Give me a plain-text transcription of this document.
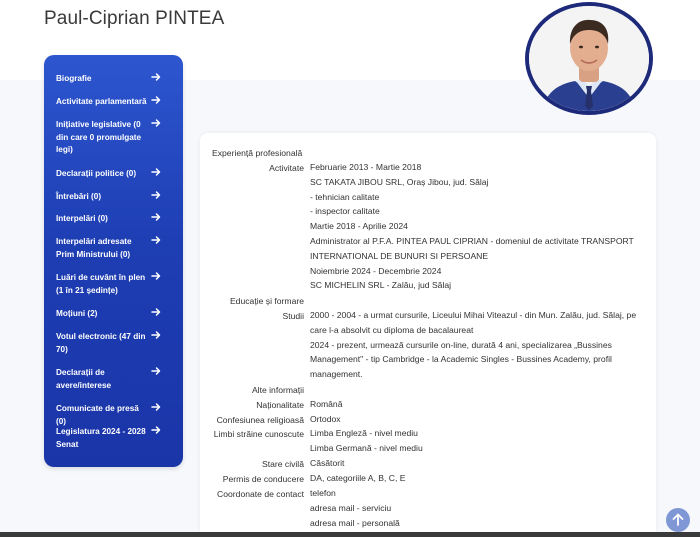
Paul-Ciprian PINTEA
Biografie
Activitate parlamentară
Inițiative legislative (0 din care 0 promulgate legi)
Declarații politice (0)
Întrebări (0)
Interpelări (0)
Interpelări adresate Prim Ministrului (0)
Luări de cuvânt în plen (1 în 21 ședințe)
Moțiuni (2)
Votul electronic (47 din 70)
Declarații de avere/interese
Comunicate de presă (0)
Legislatura 2024 - 2028 Senat
Experiență profesională
Activitate Februarie 2013 - Martie 2018
SC TAKATA JIBOU SRL, Oraș Jibou, jud. Sălaj
- tehnician calitate
- inspector calitate
Martie 2018 - Aprilie 2024
Administrator al P.F.A. PINTEA PAUL CIPRIAN - domeniul de activitate TRANSPORT
INTERNATIONAL DE BUNURI SI PERSOANE
Noiembrie 2024 - Decembrie 2024
SC MICHELIN SRL - Zalău, jud Sălaj
Educație și formare
Studii 2000 - 2004 - a urmat cursurile, Liceului Mihai Viteazul - din Mun. Zalău, jud. Sălaj, pe
care l-a absolvit cu diploma de bacalaureat
2024 - prezent, urmează cursurile on-line, durată 4 ani, specializarea „Bussines
Management" - tip Cambridge - la Academic Singles - Bussines Academy, profil
management.
Alte informații
Naționalitate Română
Confesiunea religioasă Ortodox
Limbi străine cunoscute Limba Engleză - nivel mediu
Limba Germană - nivel mediu
Stare civilă Căsătorit
Permis de conducere DA, categoriile A, B, C, E
Coordonate de contact telefon
adresa mail - serviciu
adresa mail - personală
